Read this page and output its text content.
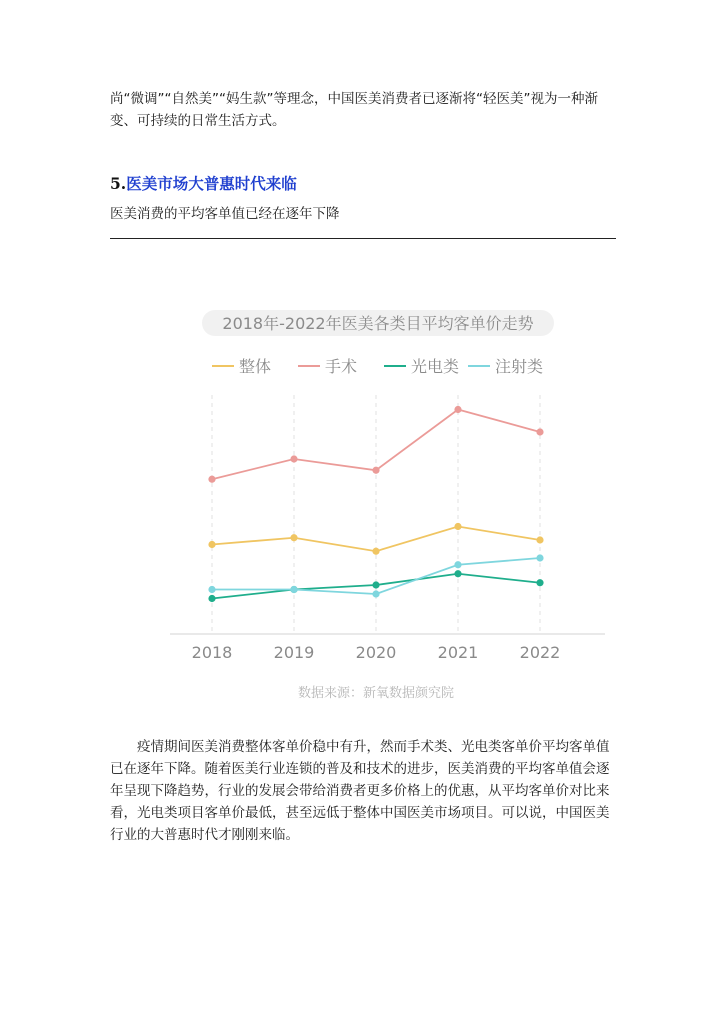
尚“微调”“自然美”“妈生款”等理念，中国医美消费者已逐渐将“轻医美”视为一种渐变、可持续的日常生活方式。

5.医美市场大普惠时代来临

医美消费的平均客单值已经在逐年下降

2018年-2022年医美各类目平均客单价走势
整体	手术	光电类 注射类
2018	2019	2020	2021	2022
数据来源：新氧数据颜究院

疫情期间医美消费整体客单价稳中有升，然而手术类、光电类客单价平均客单值已在逐年下降。随着医美行业连锁的普及和技术的进步，医美消费的平均客单值会逐年呈现下降趋势，行业的发展会带给消费者更多价格上的优惠，从平均客单价对比来看，光电类项目客单价最低，甚至远低于整体中国医美市场项目。可以说，中国医美行业的大普惠时代才刚刚来临。
